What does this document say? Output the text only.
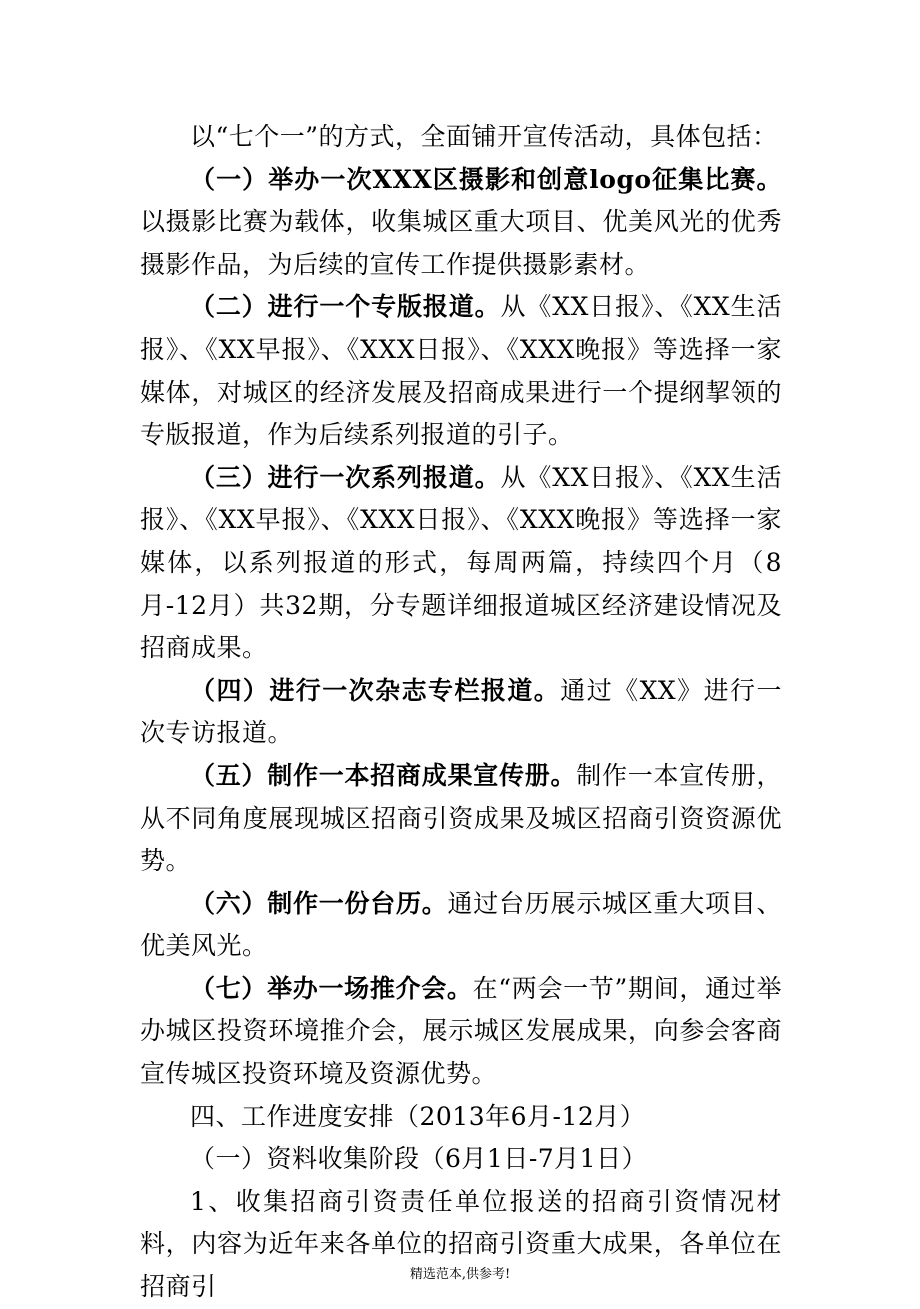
以“七个一”的方式，全面铺开宣传活动，具体包括：

（一）举办一次XXX区摄影和创意logo征集比赛。以摄影比赛为载体，收集城区重大项目、优美风光的优秀摄影作品，为后续的宣传工作提供摄影素材。

（二）进行一个专版报道。从《XX日报》、《XX生活报》、《XX早报》、《XXX日报》、《XXX晚报》等选择一家媒体，对城区的经济发展及招商成果进行一个提纲挈领的专版报道，作为后续系列报道的引子。

（三）进行一次系列报道。从《XX日报》、《XX生活报》、《XX早报》、《XXX日报》、《XXX晚报》等选择一家媒体，以系列报道的形式，每周两篇，持续四个月（8月-12月）共32期，分专题详细报道城区经济建设情况及招商成果。

（四）进行一次杂志专栏报道。通过《XX》进行一次专访报道。

（五）制作一本招商成果宣传册。制作一本宣传册，从不同角度展现城区招商引资成果及城区招商引资资源优势。

（六）制作一份台历。通过台历展示城区重大项目、优美风光。

（七）举办一场推介会。在“两会一节”期间，通过举办城区投资环境推介会，展示城区发展成果，向参会客商宣传城区投资环境及资源优势。

四、工作进度安排（2013年6月-12月）

（一）资料收集阶段（6月1日-7月1日）

1、收集招商引资责任单位报送的招商引资情况材料，内容为近年来各单位的招商引资重大成果，各单位在招商引	精选范本,供参考!
